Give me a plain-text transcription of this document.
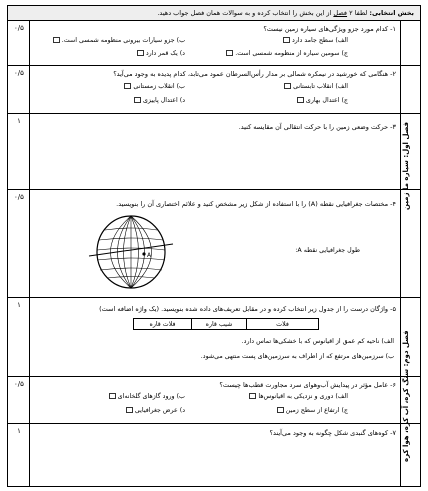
بخش انتخابی: لطفا ۲ فصل از این بخش را انتخاب کرده و به سوالات همان فصل جواب دهید.
فصل اول: سیاره ما زمین
فصل دوم: سنگ کره، آب کره، هوا کره
۰/۵	۱- کدام مورد جزو ویژگی‌های سیاره زمین نیست؟
الف) سطح جامد دارد
ب) جزو سیارات بیرونی منظومه شمسی است.
ج) سومین سیاره از منظومه شمسی است.
د) یک قمر دارد
۰/۵	۲- هنگامی که خورشید در نیمکره شمالی بر مدار رأس‌السرطان عمود می‌تابد، کدام پدیده به وجود می‌آید؟
الف) انقلاب تابستانی
ب) انقلاب زمستانی
ج) اعتدال بهاری
د) اعتدال پاییزی
۱
۳- حرکت وضعی زمین را با حرکت انتقالی آن مقایسه کنید.
۰/۵
۴- مختصات جغرافیایی نقطه (A) را با استفاده از شکل زیر مشخص کنید و علائم اختصاری آن را بنویسید.
طول جغرافیایی نقطه A:
A
۱	۵- واژگان درست را از جدول زیر انتخاب کرده و در مقابل تعریف‌های داده شده بنویسید. (یک واژه اضافه است)
فلات	شیب قاره	فلات قاره
الف) ناحیه کم عمق از اقیانوس که با خشکی‌ها تماس دارد.
ب) سرزمین‌های مرتفع که از اطراف به سرزمین‌های پست منتهی می‌شود.
۰/۵	۶- عامل مؤثر در پیدایش آب‌وهوای سرد مجاورت قطب‌ها چیست؟
الف) دوری و نزدیکی به اقیانوس‌ها
ب) ورود گازهای گلخانه‌ای
ج) ارتفاع از سطح زمین
د) عرض جغرافیایی
۱	۷- کوه‌های گنبدی شکل چگونه به وجود می‌آیند؟
